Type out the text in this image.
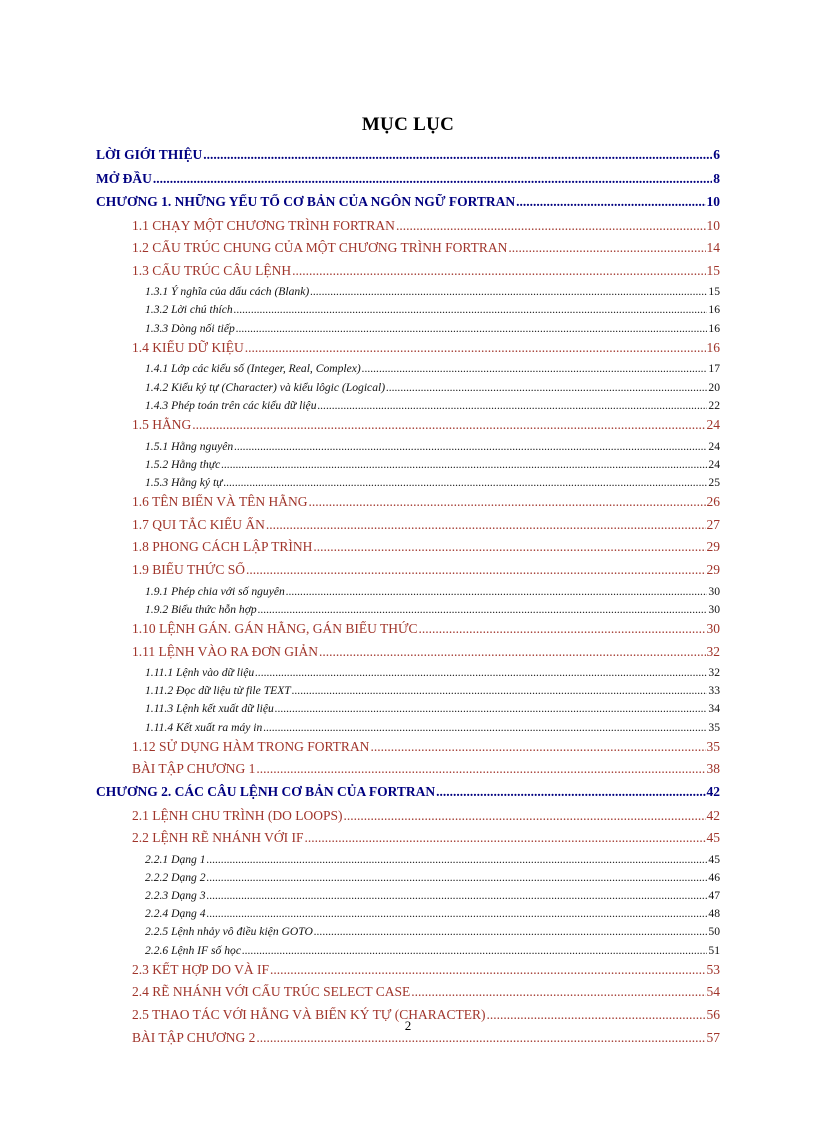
MỤC LỤC
LỜI GIỚI THIỆU .....	6
MỞ ĐẦU .....	8
CHƯƠNG 1. NHỮNG YẾU TỐ CƠ BẢN CỦA NGÔN NGỮ FORTRAN .....	10
1.1 CHẠY MỘT CHƯƠNG TRÌNH FORTRAN .....	10
1.2 CẤU TRÚC CHUNG CỦA MỘT CHƯƠNG TRÌNH FORTRAN .....	14
1.3 CẤU TRÚC CÂU LỆNH .....	15
1.3.1 Ý nghĩa của dấu cách (Blank) .....	15
1.3.2 Lời chú thích .....	16
1.3.3 Dòng nối tiếp .....	16
1.4 KIỂU DỮ KIỆU .....	16
1.4.1 Lớp các kiểu số (Integer, Real, Complex) .....	17
1.4.2 Kiểu ký tự (Character) và kiểu lôgic (Logical) .....	20
1.4.3 Phép toán trên các kiểu dữ liệu .....	22
1.5 HẰNG .....	24
1.5.1 Hằng nguyên .....	24
1.5.2 Hằng thực .....	24
1.5.3 Hằng ký tự .....	25
1.6 TÊN BIẾN VÀ TÊN HẰNG .....	26
1.7 QUI TẮC KIỂU ẨN .....	27
1.8 PHONG CÁCH LẬP TRÌNH .....	29
1.9 BIỂU THỨC SỐ .....	29
1.9.1 Phép chia với số nguyên .....	30
1.9.2 Biểu thức hỗn hợp .....	30
1.10 LỆNH GÁN. GÁN HẰNG, GÁN BIỂU THỨC .....	30
1.11 LỆNH VÀO RA ĐƠN GIẢN .....	32
1.11.1 Lệnh vào dữ liệu .....	32
1.11.2 Đọc dữ liệu từ file TEXT .....	33
1.11.3 Lệnh kết xuất dữ liệu .....	34
1.11.4 Kết xuất ra máy in .....	35
1.12 SỬ DỤNG HÀM TRONG FORTRAN .....	35
BÀI TẬP CHƯƠNG 1 .....	38
CHƯƠNG 2. CÁC CÂU LỆNH CƠ BẢN CỦA FORTRAN .....	42
2.1 LỆNH CHU TRÌNH (DO LOOPS) .....	42
2.2 LỆNH RẼ NHÁNH VỚI IF .....	45
2.2.1 Dạng 1 .....	45
2.2.2 Dạng 2 .....	46
2.2.3 Dạng 3 .....	47
2.2.4 Dạng 4 .....	48
2.2.5 Lệnh nhảy vô điều kiện GOTO .....	50
2.2.6 Lệnh IF số học .....	51
2.3 KẾT HỢP DO VÀ IF .....	53
2.4 RẼ NHÁNH VỚI CẤU TRÚC SELECT CASE .....	54
2.5 THAO TÁC VỚI HẰNG VÀ BIẾN KÝ TỰ (CHARACTER) .....	56
BÀI TẬP CHƯƠNG 2 .....	57
2
